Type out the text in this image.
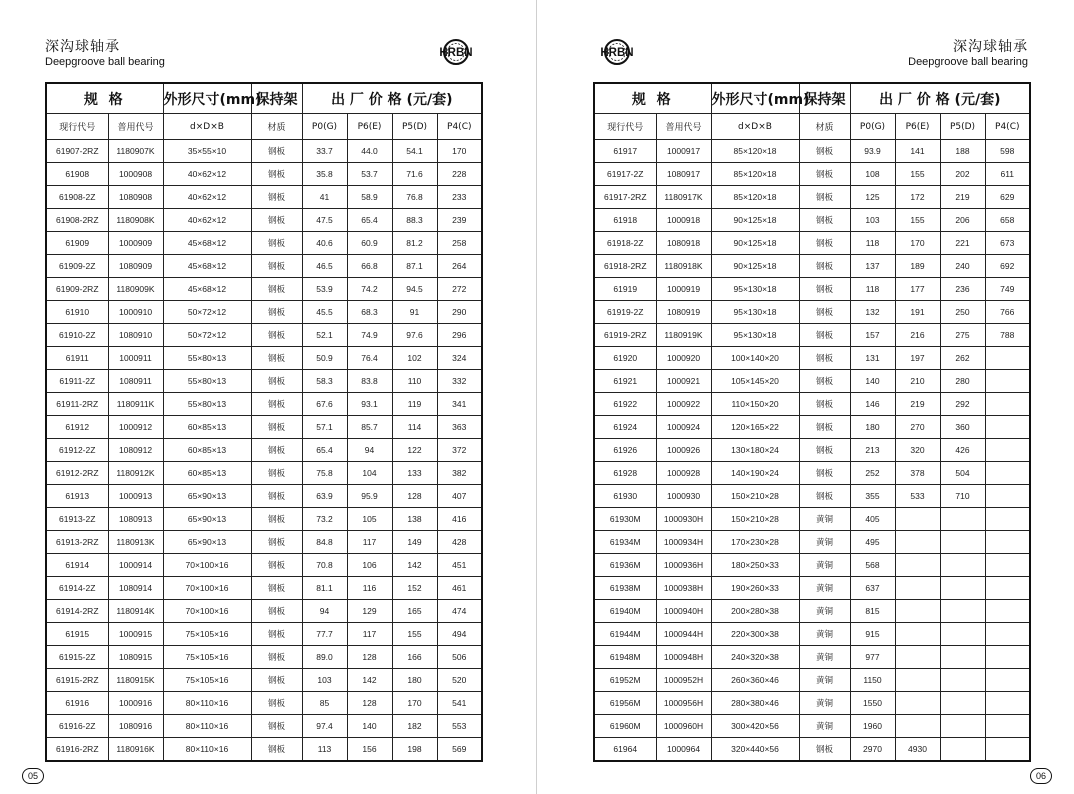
深沟球轴承
Deepgroove ball bearing
HRBN
规 格		外形尺寸(mm)	保持架	出 厂 价 格 (元/套)			
现行代号	普用代号	d×D×B	材质	P0(G)	P6(E)	P5(D)	P4(C)
61907-2RZ	1180907K	35×55×10	钢板	33.7	44.0	54.1	170
61908	1000908	40×62×12	钢板	35.8	53.7	71.6	228
61908-2Z	1080908	40×62×12	钢板	41	58.9	76.8	233
61908-2RZ	1180908K	40×62×12	钢板	47.5	65.4	88.3	239
61909	1000909	45×68×12	钢板	40.6	60.9	81.2	258
61909-2Z	1080909	45×68×12	钢板	46.5	66.8	87.1	264
61909-2RZ	1180909K	45×68×12	钢板	53.9	74.2	94.5	272
61910	1000910	50×72×12	钢板	45.5	68.3	91	290
61910-2Z	1080910	50×72×12	钢板	52.1	74.9	97.6	296
61911	1000911	55×80×13	钢板	50.9	76.4	102	324
61911-2Z	1080911	55×80×13	钢板	58.3	83.8	110	332
61911-2RZ	1180911K	55×80×13	钢板	67.6	93.1	119	341
61912	1000912	60×85×13	钢板	57.1	85.7	114	363
61912-2Z	1080912	60×85×13	钢板	65.4	94	122	372
61912-2RZ	1180912K	60×85×13	钢板	75.8	104	133	382
61913	1000913	65×90×13	钢板	63.9	95.9	128	407
61913-2Z	1080913	65×90×13	钢板	73.2	105	138	416
61913-2RZ	1180913K	65×90×13	钢板	84.8	117	149	428
61914	1000914	70×100×16	钢板	70.8	106	142	451
61914-2Z	1080914	70×100×16	钢板	81.1	116	152	461
61914-2RZ	1180914K	70×100×16	钢板	94	129	165	474
61915	1000915	75×105×16	钢板	77.7	117	155	494
61915-2Z	1080915	75×105×16	钢板	89.0	128	166	506
61915-2RZ	1180915K	75×105×16	钢板	103	142	180	520
61916	1000916	80×110×16	钢板	85	128	170	541
61916-2Z	1080916	80×110×16	钢板	97.4	140	182	553
61916-2RZ	1180916K	80×110×16	钢板	113	156	198	569
05
深沟球轴承
Deepgroove ball bearing
HRBN
规 格		外形尺寸(mm)	保持架	出 厂 价 格 (元/套)			
现行代号	普用代号	d×D×B	材质	P0(G)	P6(E)	P5(D)	P4(C)
61917	1000917	85×120×18	钢板	93.9	141	188	598
61917-2Z	1080917	85×120×18	钢板	108	155	202	611
61917-2RZ	1180917K	85×120×18	钢板	125	172	219	629
61918	1000918	90×125×18	钢板	103	155	206	658
61918-2Z	1080918	90×125×18	钢板	118	170	221	673
61918-2RZ	1180918K	90×125×18	钢板	137	189	240	692
61919	1000919	95×130×18	钢板	118	177	236	749
61919-2Z	1080919	95×130×18	钢板	132	191	250	766
61919-2RZ	1180919K	95×130×18	钢板	157	216	275	788
61920	1000920	100×140×20	钢板	131	197	262	
61921	1000921	105×145×20	钢板	140	210	280	
61922	1000922	110×150×20	钢板	146	219	292	
61924	1000924	120×165×22	钢板	180	270	360	
61926	1000926	130×180×24	钢板	213	320	426	
61928	1000928	140×190×24	钢板	252	378	504	
61930	1000930	150×210×28	钢板	355	533	710	
61930M	1000930H	150×210×28	黄铜	405			
61934M	1000934H	170×230×28	黄铜	495			
61936M	1000936H	180×250×33	黄铜	568			
61938M	1000938H	190×260×33	黄铜	637			
61940M	1000940H	200×280×38	黄铜	815			
61944M	1000944H	220×300×38	黄铜	915			
61948M	1000948H	240×320×38	黄铜	977			
61952M	1000952H	260×360×46	黄铜	1150			
61956M	1000956H	280×380×46	黄铜	1550			
61960M	1000960H	300×420×56	黄铜	1960			
61964	1000964	320×440×56	钢板	2970	4930		
06
